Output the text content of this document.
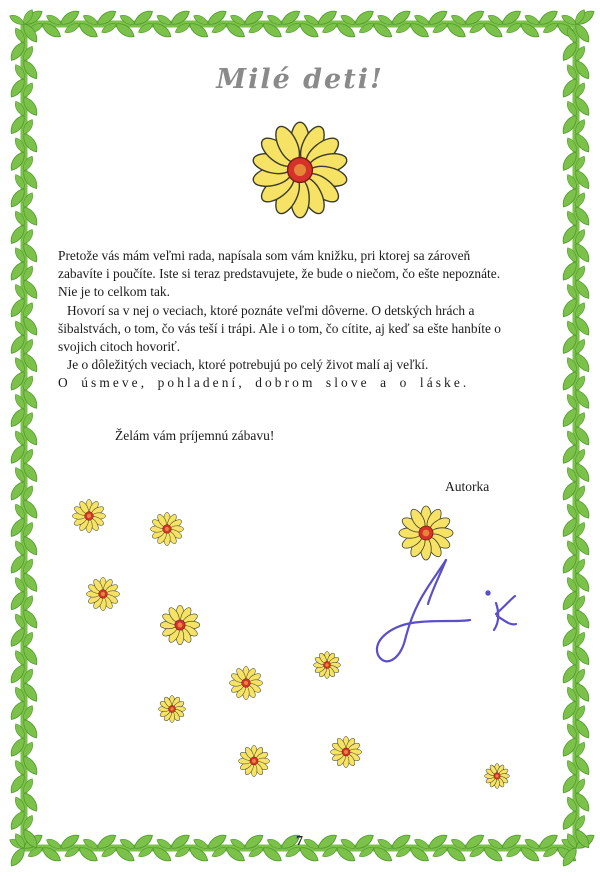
Milé deti!

Pretože vás mám veľmi rada, napísala som vám knižku, pri ktorej sa zároveň zabavíte i poučíte. Iste si teraz predstavujete, že bude o niečom, čo ešte nepoznáte. Nie je to celkom tak.

Hovorí sa v nej o veciach, ktoré poznáte veľmi dôverne. O detských hrách a šibalstvách, o tom, čo vás teší i trápi. Ale i o tom, čo cítite, aj keď sa ešte hanbíte o svojich citoch hovoriť.

Je o dôležitých veciach, ktoré potrebujú po celý život malí aj veľkí.

O úsmeve, pohladení, dobrom slove a o láske.

Želám vám príjemnú zábavu!
Autorka
7
